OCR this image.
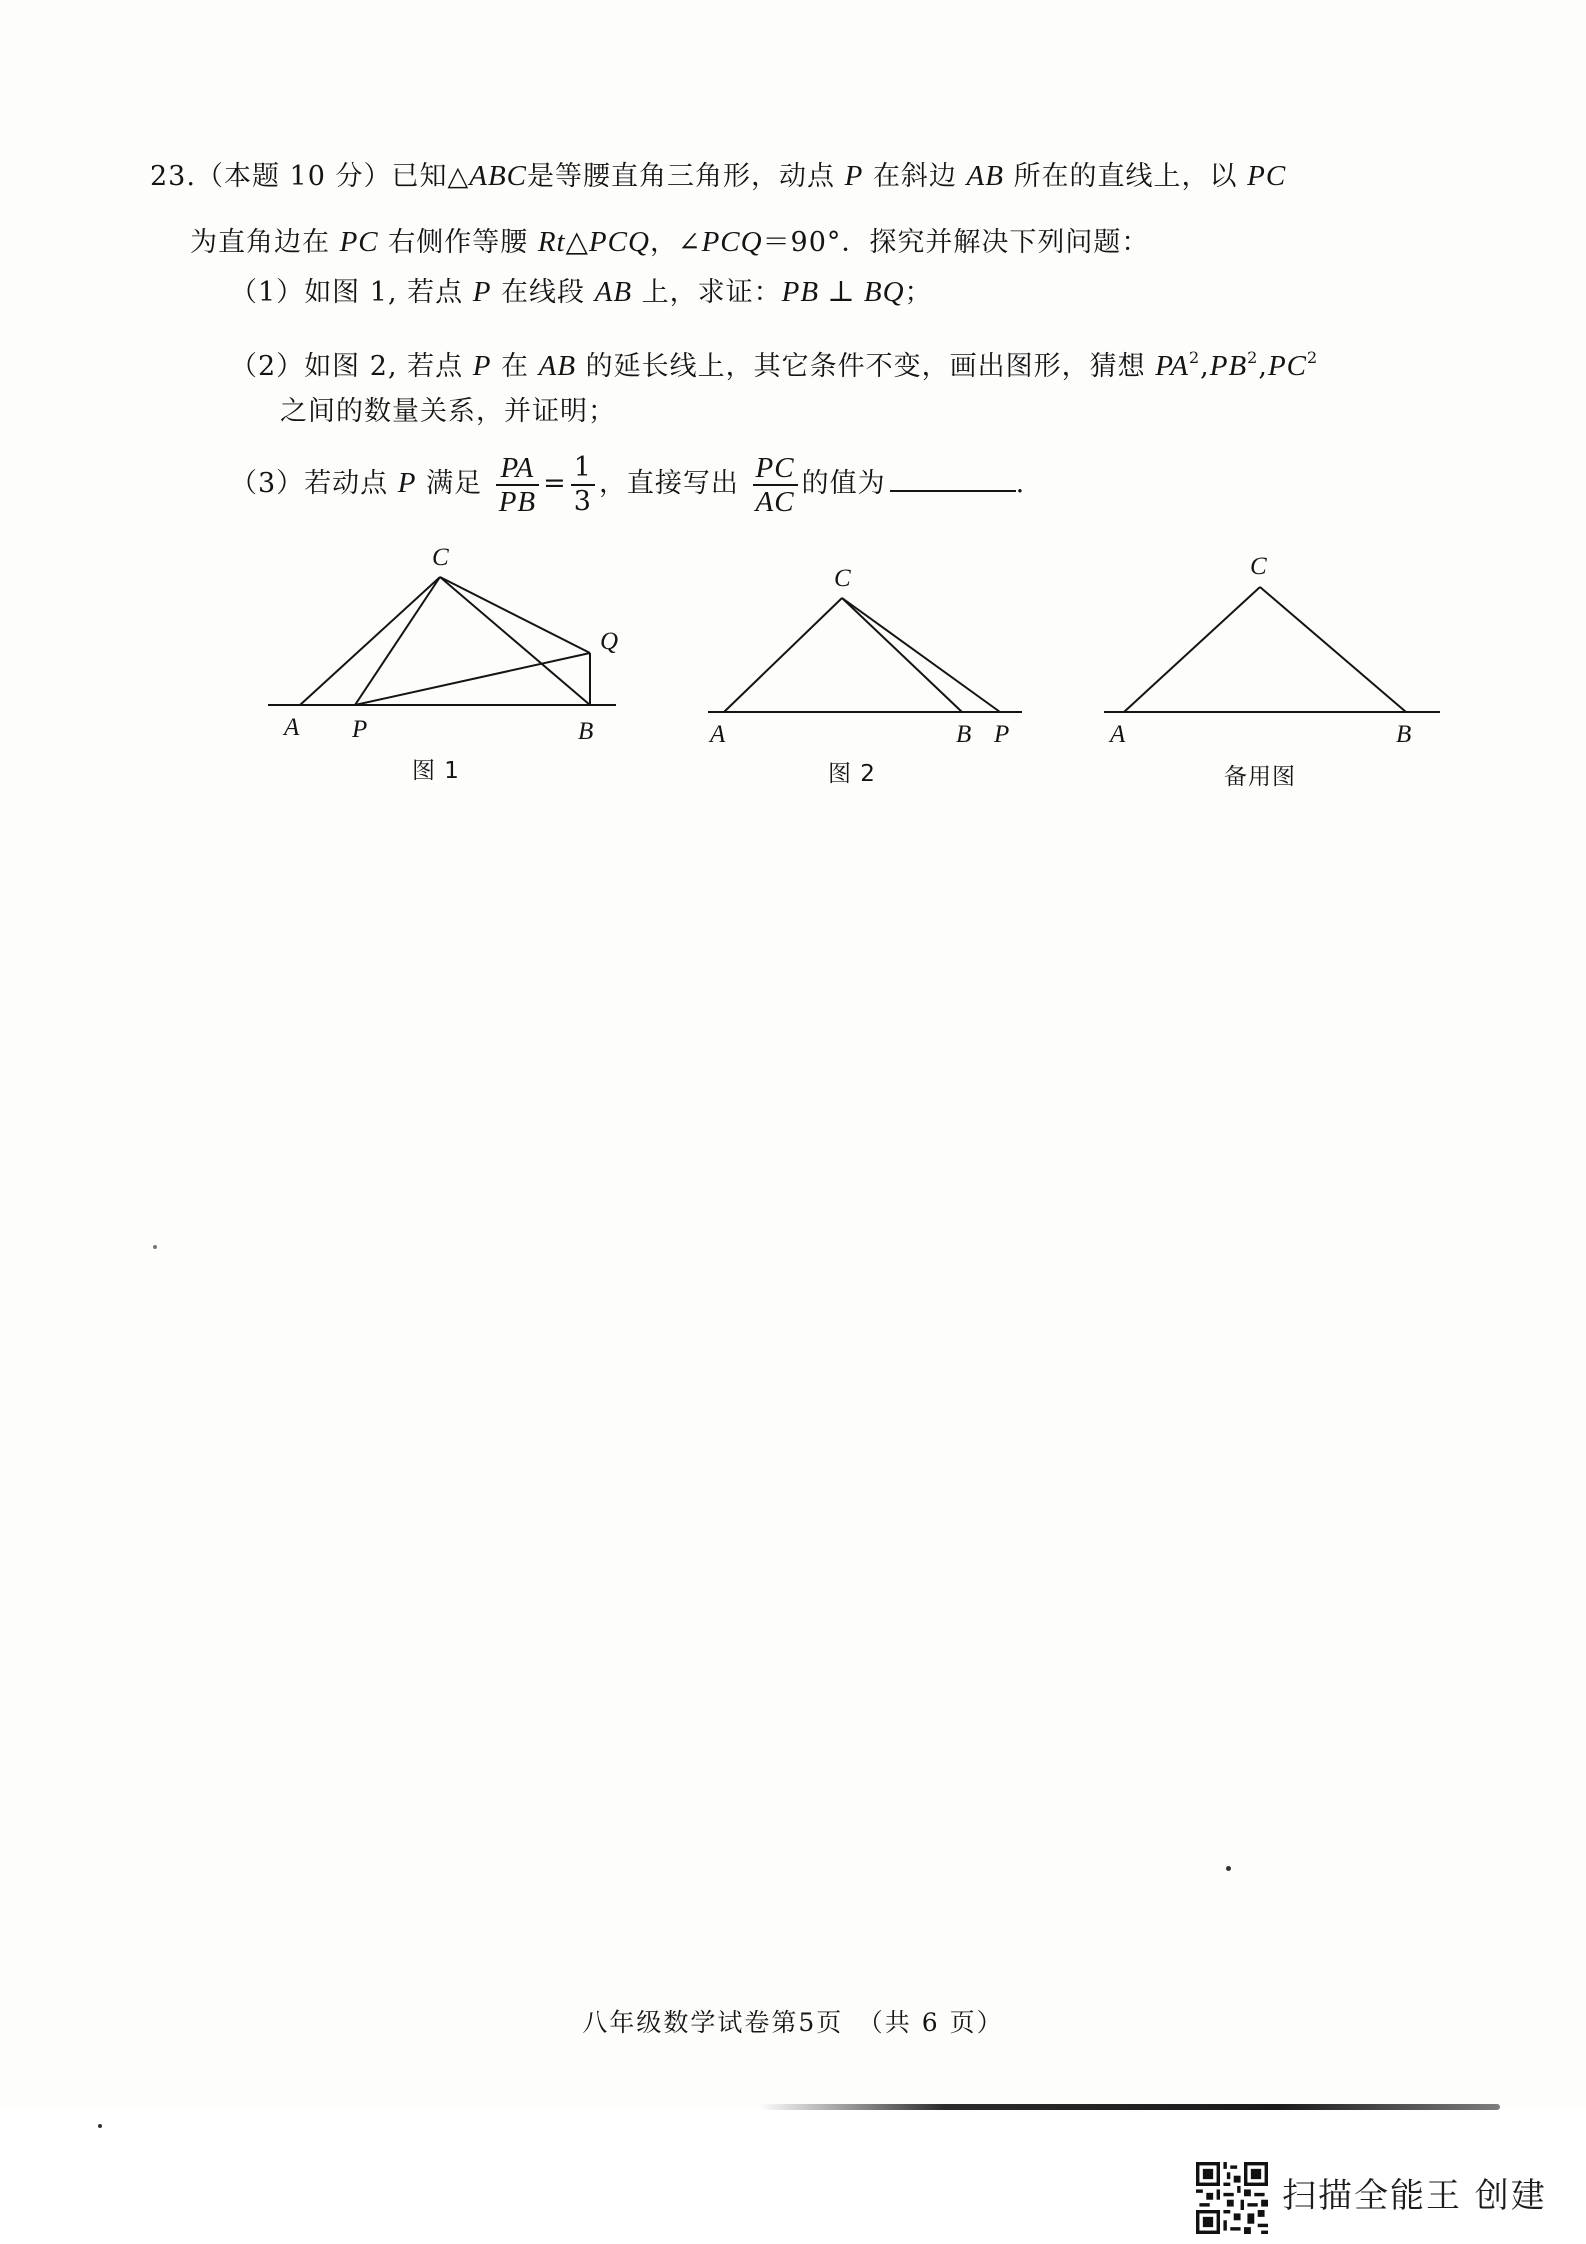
23.（本题 10 分）已知△ABC是等腰直角三角形，动点 P 在斜边 AB 所在的直线上，以 PC
为直角边在 PC 右侧作等腰 Rt△PCQ，∠PCQ＝90°．探究并解决下列问题：
（1）如图 1, 若点 P 在线段 AB 上，求证：PB ⊥ BQ；
（2）如图 2, 若点 P 在 AB 的延长线上，其它条件不变，画出图形，猜想 $PA^2,PB^2,PC^2$
之间的数量关系，并证明；
（3）若动点 P 满足 $\frac{PA}{PB} = \frac{1}{3}$ ，直接写出 $\frac{PC}{AC}$ 的值为	.
C
Q
A P	B
图 1
C
A	B P
图 2
C
A	B
备用图
八年级数学试卷第5页　（共 6 页）
扫描全能王 创建
